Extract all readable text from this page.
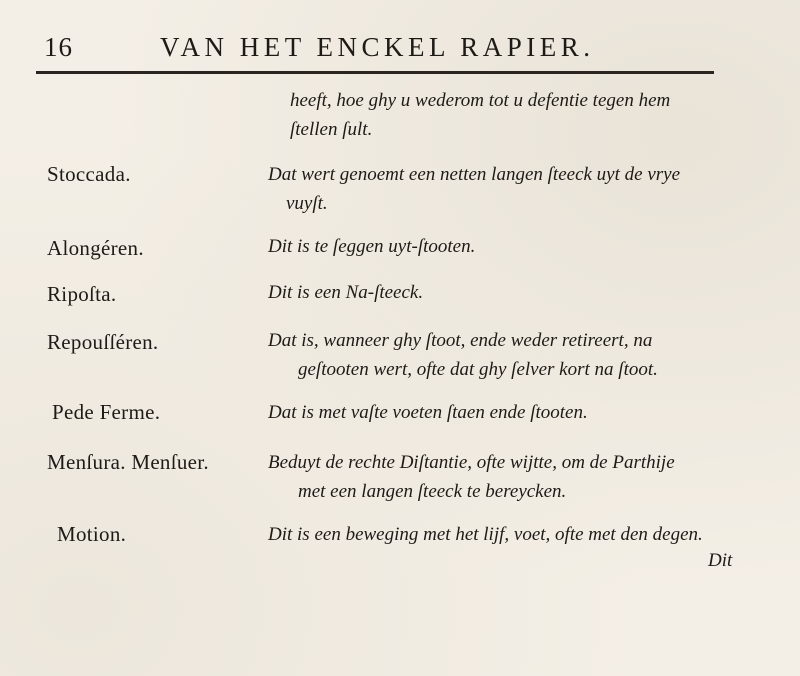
16	VAN HET ENCKEL RAPIER.
heeft, hoe ghy u wederom tot u defentie tegen hem
ſtellen ſult.
Stoccada.	Dat wert genoemt een netten langen ſteeck uyt de vrye
vuyſt.
Alongéren.	Dit is te ſeggen uyt-ſtooten.
Ripoſta.	Dit is een Na-ſteeck.
Repouſſéren.	Dat is, wanneer ghy ſtoot, ende weder retireert, na
geſtooten wert, ofte dat ghy ſelver kort na ſtoot.
Pede Ferme.	Dat is met vaſte voeten ſtaen ende ſtooten.
Menſura. Menſuer.	Beduyt de rechte Diſtantie, ofte wijtte, om de Parthije
met een langen ſteeck te bereycken.
Motion.	Dit is een beweging met het lijf, voet, ofte met den degen.
Dit
